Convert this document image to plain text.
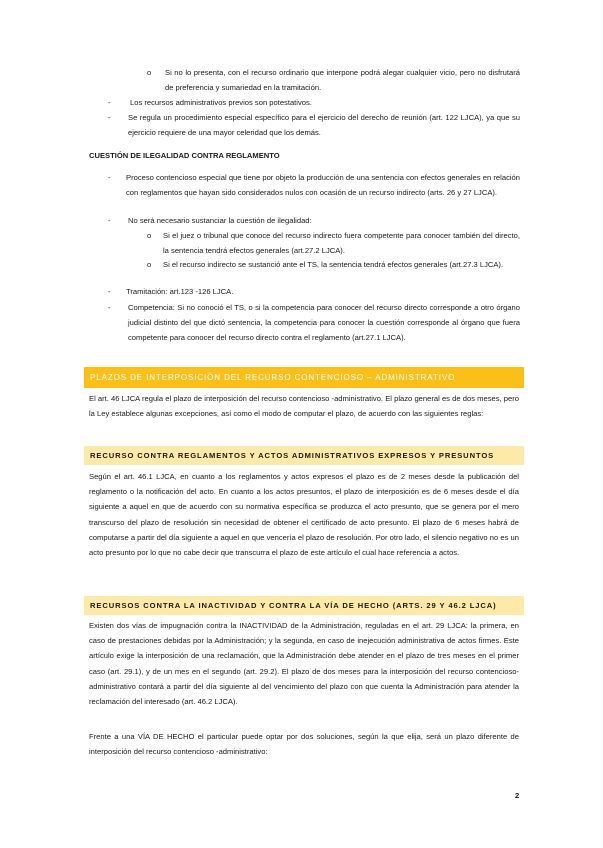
o Si no lo presenta, con el recurso ordinario que interpone podrá alegar cualquier vicio, pero no disfrutará de preferencia y sumariedad en la tramitación.

-	Los recursos administrativos previos son potestativos.

- Se regula un procedimiento especial específico para el ejercicio del derecho de reunión (art. 122 LJCA), ya que su ejercicio requiere de una mayor celeridad que los demás.

CUESTIÓN DE ILEGALIDAD CONTRA REGLAMENTO

- Proceso contencioso especial que tiene por objeto la producción de una sentencia con efectos generales en relación con reglamentos que hayan sido considerados nulos con ocasión de un recurso indirecto (arts. 26 y 27 LJCA).

- No será necesario sustanciar la cuestión de ilegalidad:

o Si el juez o tribunal que conoce del recurso indirecto fuera competente para conocer también del directo, la sentencia tendrá efectos generales (art.27.2 LJCA).

o Si el recurso indirecto se sustanció ante el TS, la sentencia tendrá efectos generales (art.27.3 LJCA).

- Tramitación: art.123 -126 LJCA.

- Competencia: Si no conoció el TS, o si la competencia para conocer del recurso directo corresponde a otro órgano judicial distinto del que dictó sentencia, la competencia para conocer la cuestión corresponde al órgano que fuera competente para conocer del recurso directo contra el reglamento (art.27.1 LJCA).

PLAZOS DE INTERPOSICIÓN DEL RECURSO CONTENCIOSO – ADMINISTRATIVO

El art. 46 LJCA regula el plazo de interposición del recurso contencioso -administrativo. El plazo general es de dos meses, pero la Ley establece algunas excepciones, así como el modo de computar el plazo, de acuerdo con las siguientes reglas:

RECURSO CONTRA REGLAMENTOS Y ACTOS ADMINISTRATIVOS EXPRESOS Y PRESUNTOS

Según el art. 46.1 LJCA, en cuanto a los reglamentos y actos expresos el plazo es de 2 meses desde la publicación del reglamento o la notificación del acto. En cuanto a los actos presuntos, el plazo de interposición es de 6 meses desde el día siguiente a aquel en que de acuerdo con su normativa específica se produzca el acto presunto, que se genera por el mero transcurso del plazo de resolución sin necesidad de obtener el certificado de acto presunto. El plazo de 6 meses habrá de computarse a partir del día siguiente a aquel en que vencería el plazo de resolución. Por otro lado, el silencio negativo no es un acto presunto por lo que no cabe decir que transcurra el plazo de este artículo el cual hace referencia a actos.

RECURSOS CONTRA LA INACTIVIDAD Y CONTRA LA VÍA DE HECHO (ARTS. 29 Y 46.2 LJCA)

Existen dos vías de impugnación contra la INACTIVIDAD de la Administración, reguladas en el art. 29 LJCA: la primera, en caso de prestaciones debidas por la Administración; y la segunda, en caso de inejecución administrativa de actos firmes. Este artículo exige la interposición de una reclamación, que la Administración debe atender en el plazo de tres meses en el primer caso (art. 29.1), y de un mes en el segundo (art. 29.2). El plazo de dos meses para la interposición del recurso contencioso-administrativo contará a partir del día siguiente al del vencimiento del plazo con que cuenta la Administración para atender la reclamación del interesado (art. 46.2 LJCA).

Frente a una VÍA DE HECHO el particular puede optar por dos soluciones, según la que elija, será un plazo diferente de interposición del recurso contencioso -administrativo:

2
